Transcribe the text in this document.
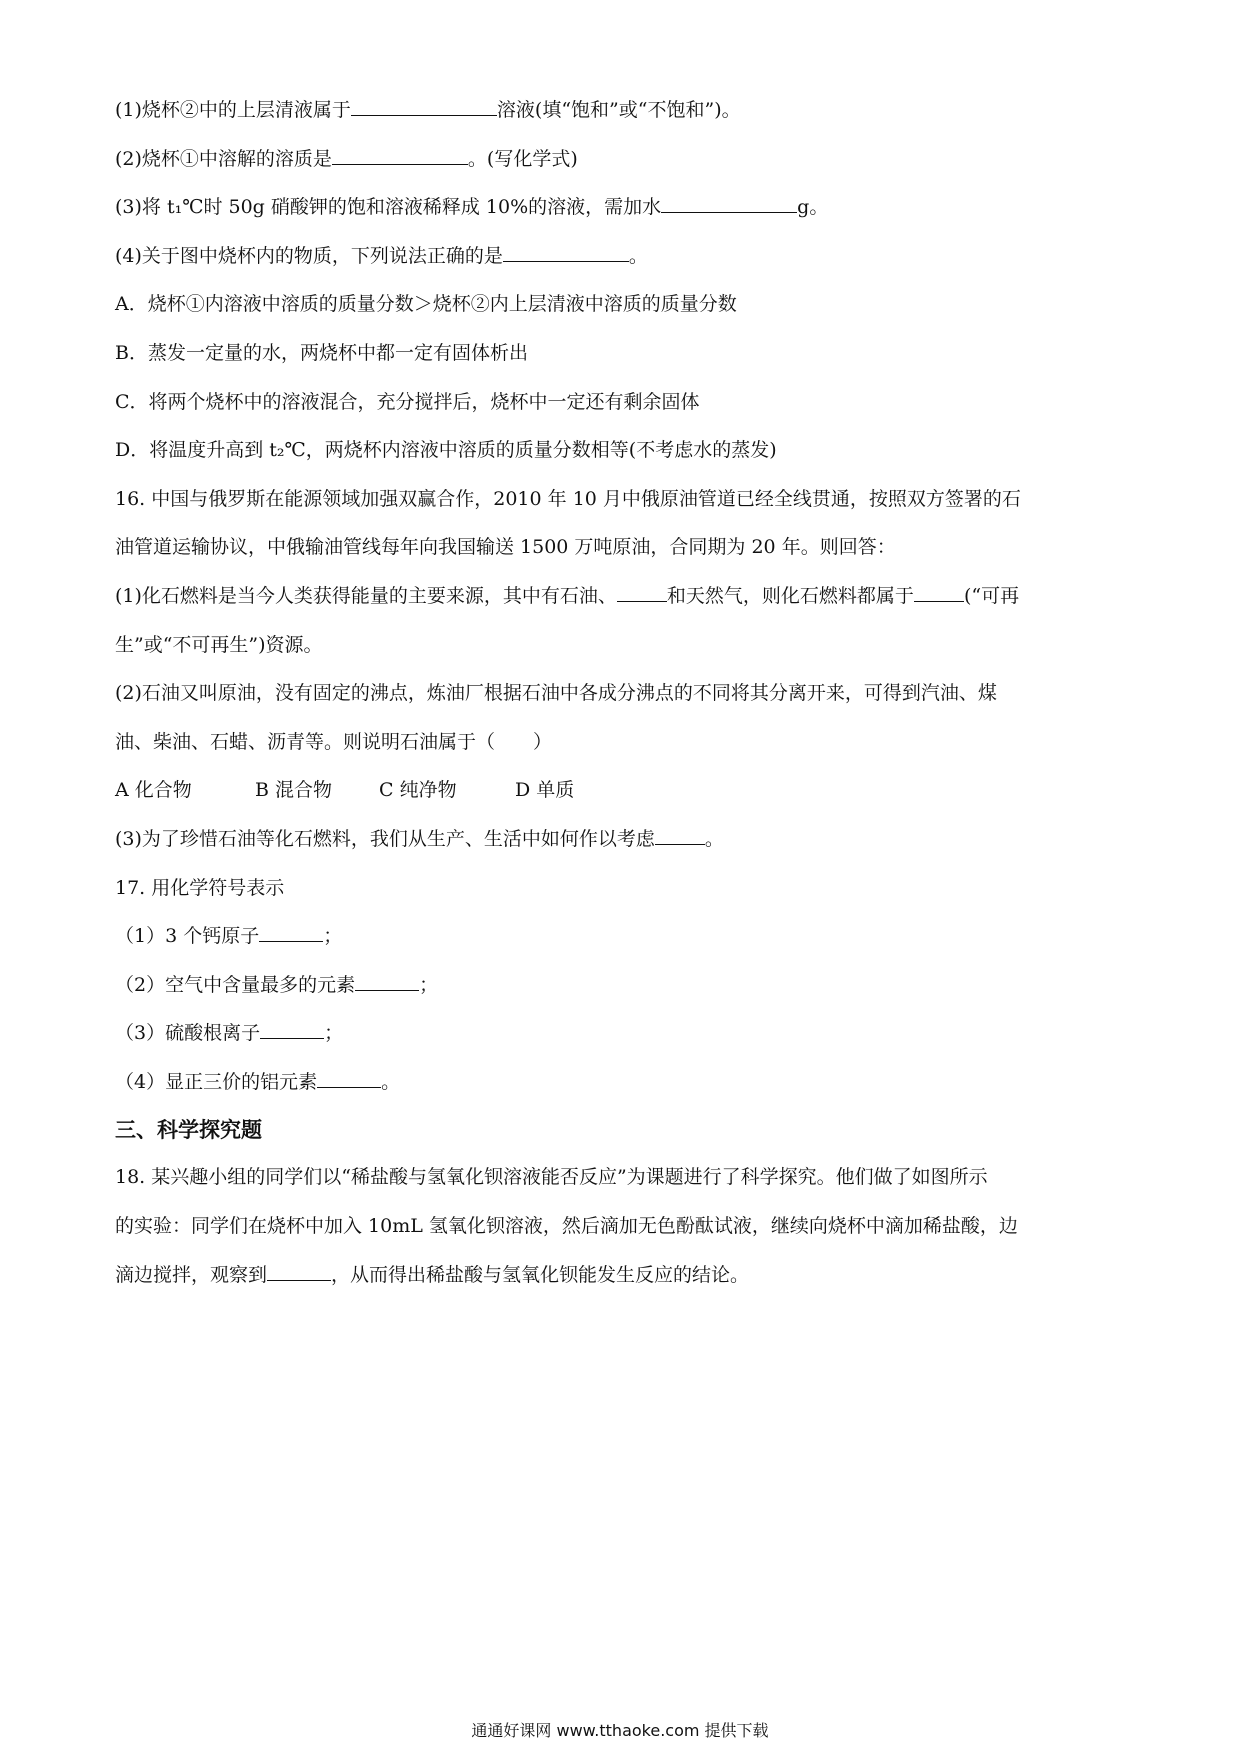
(1)烧杯②中的上层清液属于	溶液(填“饱和”或“不饱和”)。
(2)烧杯①中溶解的溶质是	。(写化学式)
(3)将 t₁℃时 50g 硝酸钾的饱和溶液稀释成 10%的溶液，需加水	g。
(4)关于图中烧杯内的物质，下列说法正确的是	。
A．烧杯①内溶液中溶质的质量分数＞烧杯②内上层清液中溶质的质量分数
B．蒸发一定量的水，两烧杯中都一定有固体析出
C．将两个烧杯中的溶液混合，充分搅拌后，烧杯中一定还有剩余固体
D．将温度升高到 t₂℃，两烧杯内溶液中溶质的质量分数相等(不考虑水的蒸发)
16. 中国与俄罗斯在能源领域加强双赢合作，2010 年 10 月中俄原油管道已经全线贯通，按照双方签署的石
油管道运输协议，中俄输油管线每年向我国输送 1500 万吨原油，合同期为 20 年。则回答：
(1)化石燃料是当今人类获得能量的主要来源，其中有石油、	和天然气，则化石燃料都属于	(“可再
生”或“不可再生”)资源。
(2)石油又叫原油，没有固定的沸点，炼油厂根据石油中各成分沸点的不同将其分离开来，可得到汽油、煤
油、柴油、石蜡、沥青等。则说明石油属于（　　）
A 化合物	B 混合物 C 纯净物	D 单质
(3)为了珍惜石油等化石燃料，我们从生产、生活中如何作以考虑	。
17. 用化学符号表示
（1）3 个钙原子	；
（2）空气中含量最多的元素	；
（3）硫酸根离子	；
（4）显正三价的铝元素	。
三、科学探究题
18. 某兴趣小组的同学们以“稀盐酸与氢氧化钡溶液能否反应”为课题进行了科学探究。他们做了如图所示
的实验：同学们在烧杯中加入 10mL 氢氧化钡溶液，然后滴加无色酚酞试液，继续向烧杯中滴加稀盐酸，边
滴边搅拌，观察到	，从而得出稀盐酸与氢氧化钡能发生反应的结论。
通通好课网 www.tthaoke.com 提供下载
